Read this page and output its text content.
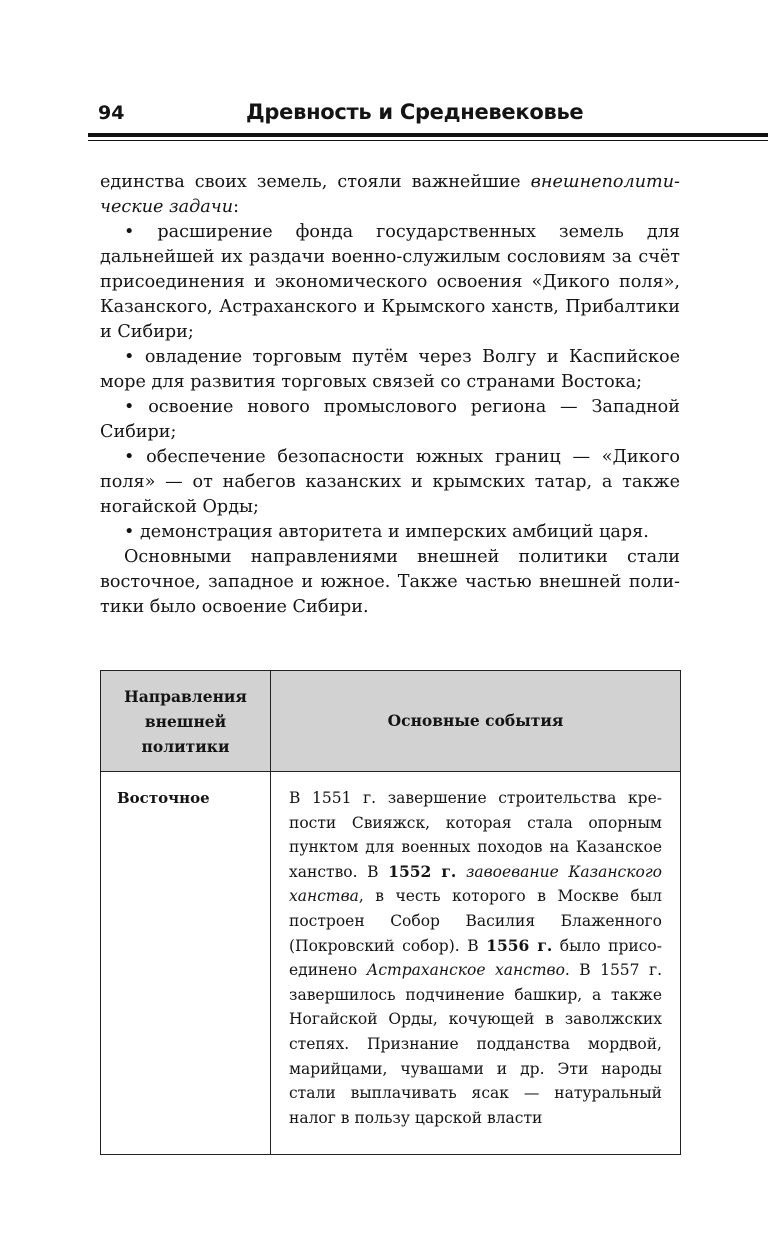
94	Древность и Средневековье

единства своих земель, стояли важнейшие внешнеполитические задачи:

• расширение фонда государственных земель для дальнейшей их раздачи военно-служилым сословиям за счёт присоединения и экономического освоения «Дикого поля», Казанского, Астраханского и Крымского ханств, Прибалтики и Сибири;

• овладение торговым путём через Волгу и Каспийское море для развития торговых связей со странами Востока;

• освоение нового промыслового региона — Западной Сибири;

• обеспечение безопасности южных границ — «Дикого поля» — от набегов казанских и крымских татар, а также ногайской Орды;

• демонстрация авторитета и имперских амбиций царя.

Основными направлениями внешней политики стали восточное, западное и южное. Также частью внешней политики было освоение Сибири.

Направления внешней политики	Основные события
Восточное	В 1551 г. завершение строительства крепости Свияжск, которая стала опорным пунктом для военных походов на Казанское ханство. В 1552 г. завоевание Казанского ханства, в честь которого в Москве был построен Собор Василия Блаженного (Покровский собор). В 1556 г. было присоединено Астраханское ханство. В 1557 г. завершилось подчинение башкир, а также Ногайской Орды, кочующей в заволжских степях. Признание подданства мордвой, марийцами, чувашами и др. Эти народы стали выплачивать ясак — натуральный налог в пользу царской власти
